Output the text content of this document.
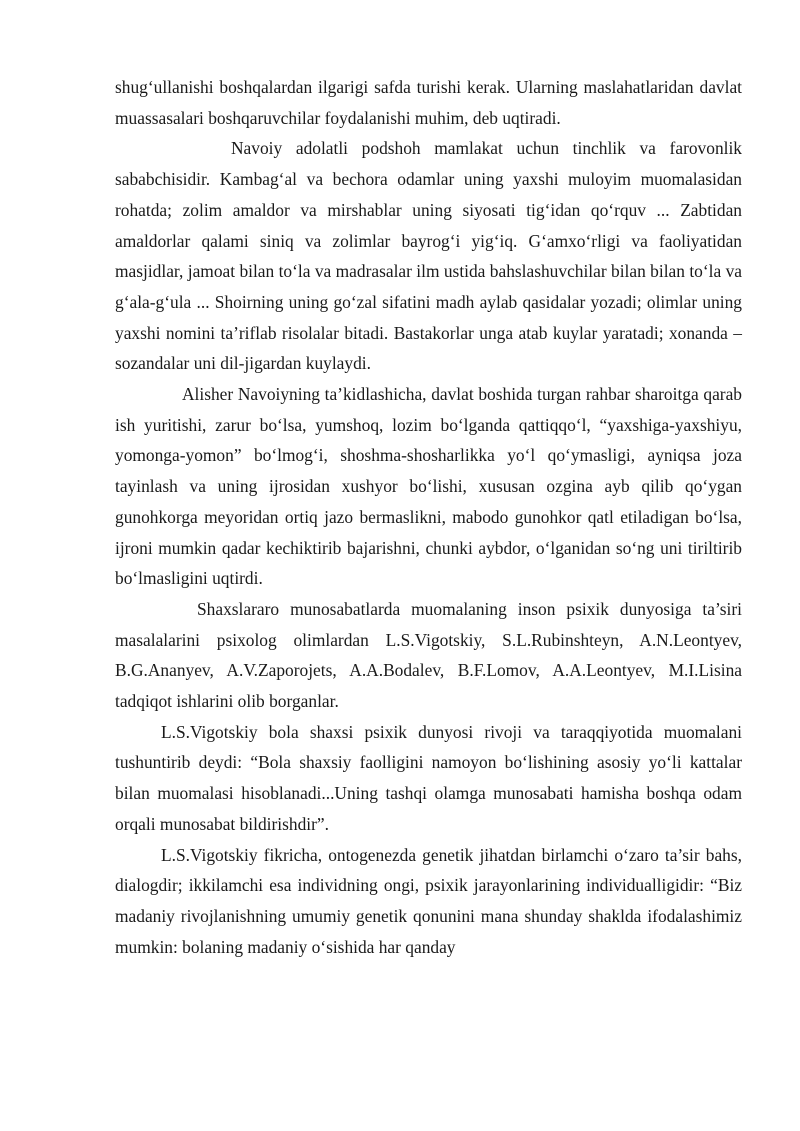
shug‘ullanishi boshqalardan ilgarigi safda turishi kerak. Ularning maslahatlaridan davlat muassasalari boshqaruvchilar foydalanishi muhim, deb uqtiradi.

Navoiy adolatli podshoh mamlakat uchun tinchlik va farovonlik sababchisidir. Kambag‘al va bechora odamlar uning yaxshi muloyim muomalasidan rohatda; zolim amaldor va mirshablar uning siyosati tig‘idan qo‘rquv ... Zabtidan amaldorlar qalami siniq va zolimlar bayrog‘i yig‘iq. G‘amxo‘rligi va faoliyatidan masjidlar, jamoat bilan to‘la va madrasalar ilm ustida bahslashuvchilar bilan bilan to‘la va g‘ala-g‘ula ... Shoirning uning go‘zal sifatini madh aylab qasidalar yozadi; olimlar uning yaxshi nomini ta’riflab risolalar bitadi. Bastakorlar unga atab kuylar yaratadi; xonanda – sozandalar uni dil-jigardan kuylaydi.

Alisher Navoiyning ta’kidlashicha, davlat boshida turgan rahbar sharoitga qarab ish yuritishi, zarur bo‘lsa, yumshoq, lozim bo‘lganda qattiqqo‘l, “yaxshiga-yaxshiyu, yomonga-yomon” bo‘lmog‘i, shoshma-shosharlikka yo‘l qo‘ymasligi, ayniqsa joza tayinlash va uning ijrosidan xushyor bo‘lishi, xususan ozgina ayb qilib qo‘ygan gunohkorga meyoridan ortiq jazo bermaslikni, mabodo gunohkor qatl etiladigan bo‘lsa, ijroni mumkin qadar kechiktirib bajarishni, chunki aybdor, o‘lganidan so‘ng uni tiriltirib bo‘lmasligini uqtirdi.

Shaxslararo munosabatlarda muomalaning inson psixik dunyosiga ta’siri masalalarini psixolog olimlardan L.S.Vigotskiy, S.L.Rubinshteyn, A.N.Leontyev, B.G.Ananyev, A.V.Zaporojets, A.A.Bodalev, B.F.Lomov, A.A.Leontyev, M.I.Lisina tadqiqot ishlarini olib borganlar.

L.S.Vigotskiy bola shaxsi psixik dunyosi rivoji va taraqqiyotida muomalani tushuntirib deydi: “Bola shaxsiy faolligini namoyon bo‘lishining asosiy yo‘li kattalar bilan muomalasi hisoblanadi...Uning tashqi olamga munosabati hamisha boshqa odam orqali munosabat bildirishdir”.

L.S.Vigotskiy fikricha, ontogenezda genetik jihatdan birlamchi o‘zaro ta’sir bahs, dialogdir; ikkilamchi esa individning ongi, psixik jarayonlarining individualligidir: “Biz madaniy rivojlanishning umumiy genetik qonunini mana shunday shaklda ifodalashimiz mumkin: bolaning madaniy o‘sishida har qanday
